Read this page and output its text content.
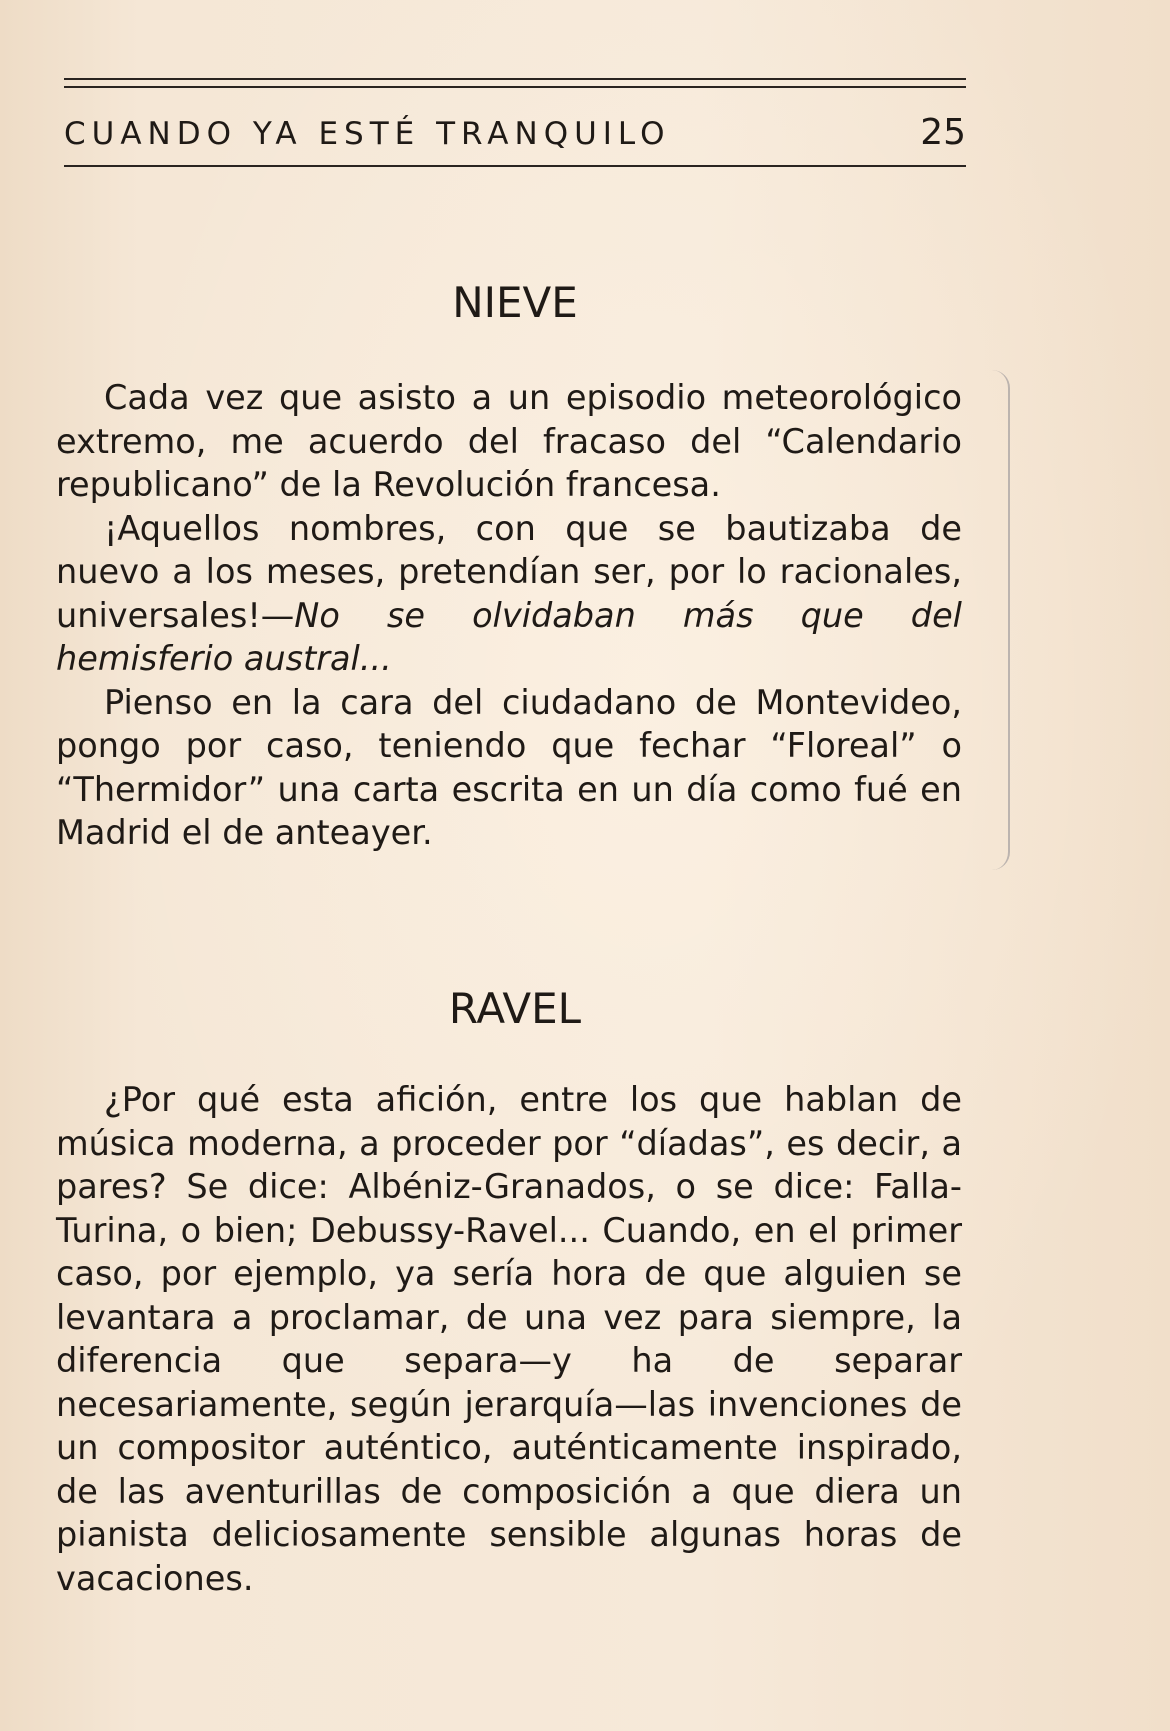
CUANDO YA ESTÉ TRANQUILO	25
NIEVE

Cada vez que asisto a un episodio meteorológico extremo, me acuerdo del fracaso del “Calendario republicano” de la Revolución francesa.

¡Aquellos nombres, con que se bautizaba de nuevo a los meses, pretendían ser, por lo racionales, universales!—No se olvidaban más que del hemisferio austral...

Pienso en la cara del ciudadano de Montevideo, pongo por caso, teniendo que fechar “Floreal” o “Thermidor” una carta escrita en un día como fué en Madrid el de anteayer.

RAVEL

¿Por qué esta afición, entre los que hablan de música moderna, a proceder por “díadas”, es decir, a pares? Se dice: Albéniz-Granados, o se dice: Falla-Turina, o bien; Debussy-Ravel... Cuando, en el primer caso, por ejemplo, ya sería hora de que alguien se levantara a proclamar, de una vez para siempre, la diferencia que separa—y ha de separar necesariamente, según jerarquía—las invenciones de un compositor auténtico, auténticamente inspirado, de las aventurillas de composición a que diera un pianista deliciosamente sensible algunas horas de vacaciones.
